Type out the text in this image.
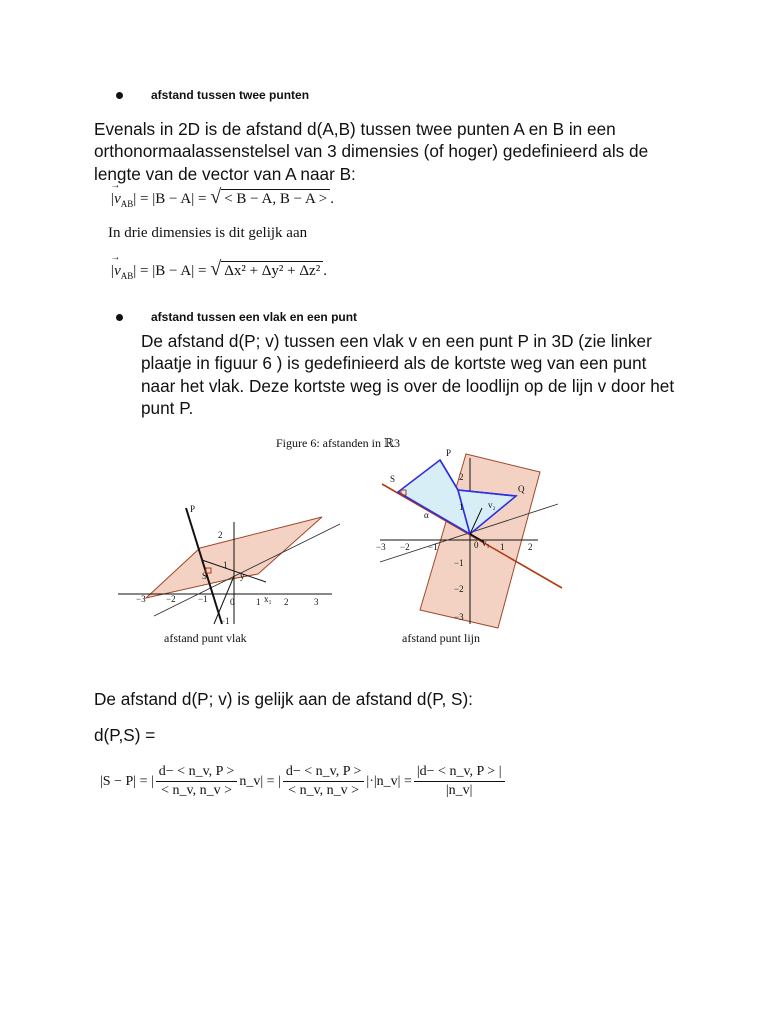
afstand tussen twee punten
Evenals in 2D is de afstand d(A,B) tussen twee punten A en B in een
orthonormaalassenstelsel van 3 dimensies (of hoger) gedefinieerd als de
lengte van de vector van A naar B:
→ $|v_{AB}| = |B - A|$ = √ < B − A, B − A > .
In drie dimensies is dit gelijk aan
→ $|v_{AB}| = |B - A|$ = √ Δx² + Δy² + Δz² .
afstand tussen een vlak en een punt
De afstand d(P; v) tussen een vlak v en een punt P in 3D (zie linker
plaatje in figuur 6 ) is gedefinieerd als de kortste weg van een punt
naar het vlak. Deze kortste weg is over de loodlijn op de lijn v door het
punt P.
Figure 6: afstanden in ℝ3
P
S	y
x₁
−3 −2 −1 0 1	2	3
2
1
−1
P
S
Q
v₂
v₁
α
−3 −2 −1	0 1	2
2
1
−1
−2
−3
afstand punt vlak	afstand punt lijn
De afstand d(P; v) is gelijk aan de afstand d(P, S):
d(P,S) =
|S − P| = | $\frac{d- < n\_v, P >}{< n\_v, n\_v >}$ n_v| = | $\frac{d- < n\_v, P >}{< n\_v, n\_v >}$ |·|n_v| = $\frac{|d- < n\_v, P > |}{|n\_v|}$
